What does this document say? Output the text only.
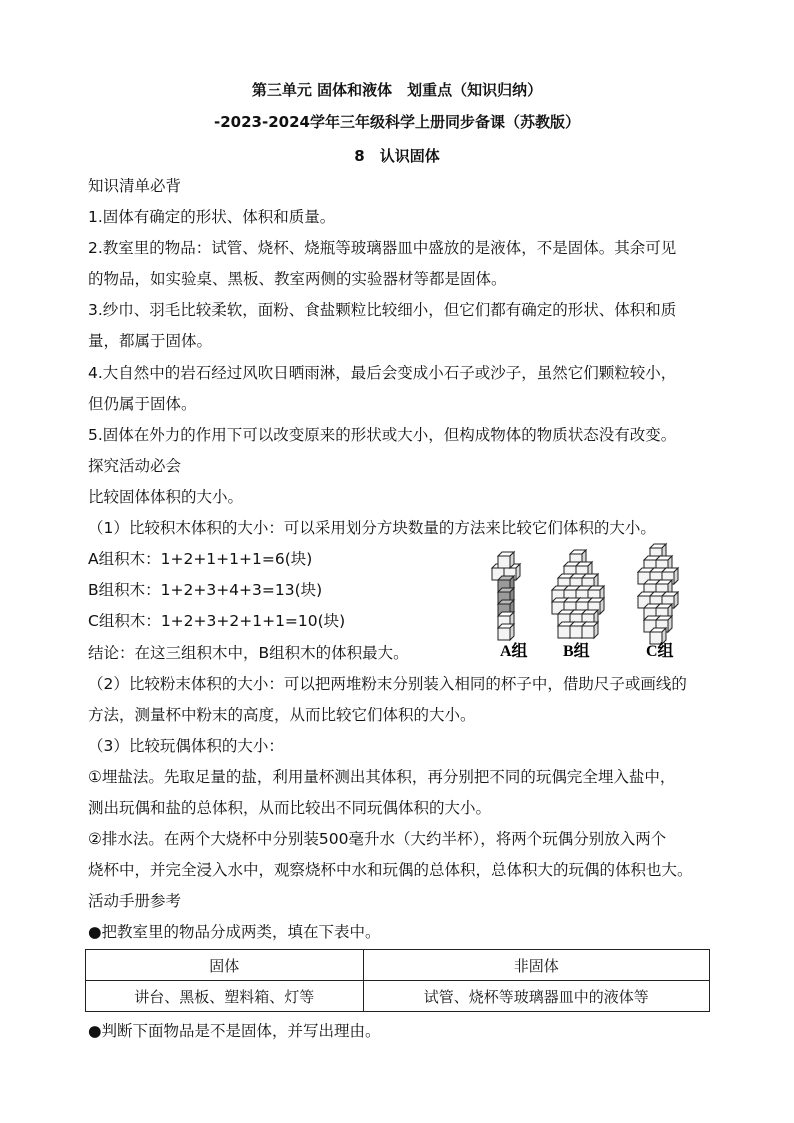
第三单元 固体和液体　划重点（知识归纳）
-2023-2024学年三年级科学上册同步备课（苏教版）
8　认识固体
知识清单必背
1.固体有确定的形状、体积和质量。
2.教室里的物品：试管、烧杯、烧瓶等玻璃器皿中盛放的是液体，不是固体。其余可见
的物品，如实验桌、黑板、教室两侧的实验器材等都是固体。
3.纱巾、羽毛比较柔软，面粉、食盐颗粒比较细小，但它们都有确定的形状、体积和质
量，都属于固体。
4.大自然中的岩石经过风吹日晒雨淋，最后会变成小石子或沙子，虽然它们颗粒较小，
但仍属于固体。
5.固体在外力的作用下可以改变原来的形状或大小，但构成物体的物质状态没有改变。
探究活动必会
比较固体体积的大小。
（1）比较积木体积的大小：可以采用划分方块数量的方法来比较它们体积的大小。
A组积木：1+2+1+1+1=6(块)
B组积木：1+2+3+4+3=13(块)
C组积木：1+2+3+2+1+1=10(块)
结论：在这三组积木中，B组积木的体积最大。
（2）比较粉末体积的大小：可以把两堆粉末分别装入相同的杯子中，借助尺子或画线的
方法，测量杯中粉末的高度，从而比较它们体积的大小。
（3）比较玩偶体积的大小：
①埋盐法。先取足量的盐，利用量杯测出其体积，再分别把不同的玩偶完全埋入盐中，
测出玩偶和盐的总体积，从而比较出不同玩偶体积的大小。
②排水法。在两个大烧杯中分别装500毫升水（大约半杯），将两个玩偶分别放入两个
烧杯中，并完全浸入水中，观察烧杯中水和玩偶的总体积，总体积大的玩偶的体积也大。
活动手册参考
●把教室里的物品分成两类，填在下表中。
固体	非固体
讲台、黑板、塑料箱、灯等	试管、烧杯等玻璃器皿中的液体等
●判断下面物品是不是固体，并写出理由。
A组 B组	C组
